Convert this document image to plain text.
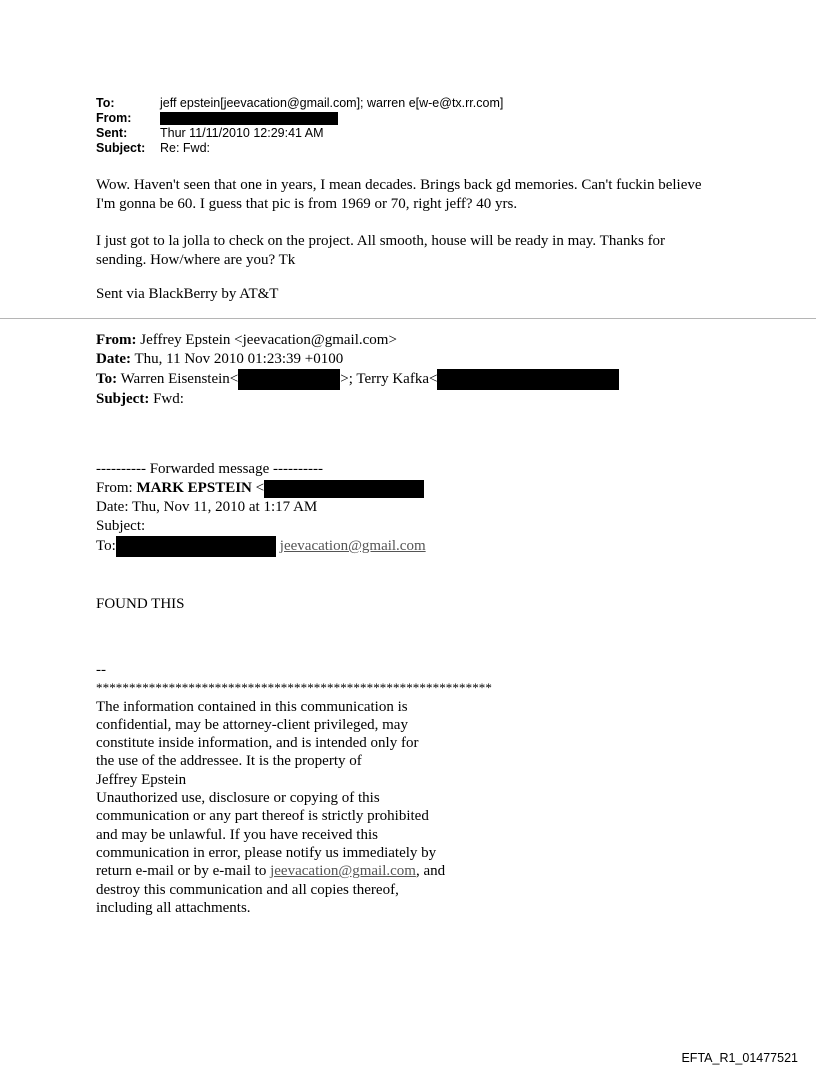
To:	jeff epstein[jeevacation@gmail.com]; warren e[w-e@tx.rr.com]
From:
Sent:	Thur 11/11/2010 12:29:41 AM
Subject:	Re: Fwd:

Wow. Haven't seen that one in years, I mean decades. Brings back gd memories. Can't fuckin believe I'm gonna be 60. I guess that pic is from 1969 or 70, right jeff? 40 yrs.

I just got to la jolla to check on the project. All smooth, house will be ready in may. Thanks for sending. How/where are you? Tk

Sent via BlackBerry by AT&T

From: Jeffrey Epstein <jeevacation@gmail.com>
Date: Thu, 11 Nov 2010 01:23:39 +0100
To: Warren Eisenstein<	>; Terry Kafka<
Subject: Fwd:
---------- Forwarded message ----------
From: MARK EPSTEIN <
Date: Thu, Nov 11, 2010 at 1:17 AM
Subject:
To:	jeevacation@gmail.com
FOUND THIS
--
************************************************************
The information contained in this communication is
confidential, may be attorney-client privileged, may
constitute inside information, and is intended only for
the use of the addressee. It is the property of
Jeffrey Epstein
Unauthorized use, disclosure or copying of this
communication or any part thereof is strictly prohibited
and may be unlawful. If you have received this
communication in error, please notify us immediately by
return e-mail or by e-mail to jeevacation@gmail.com, and
destroy this communication and all copies thereof,
including all attachments.
EFTA_R1_01477521
